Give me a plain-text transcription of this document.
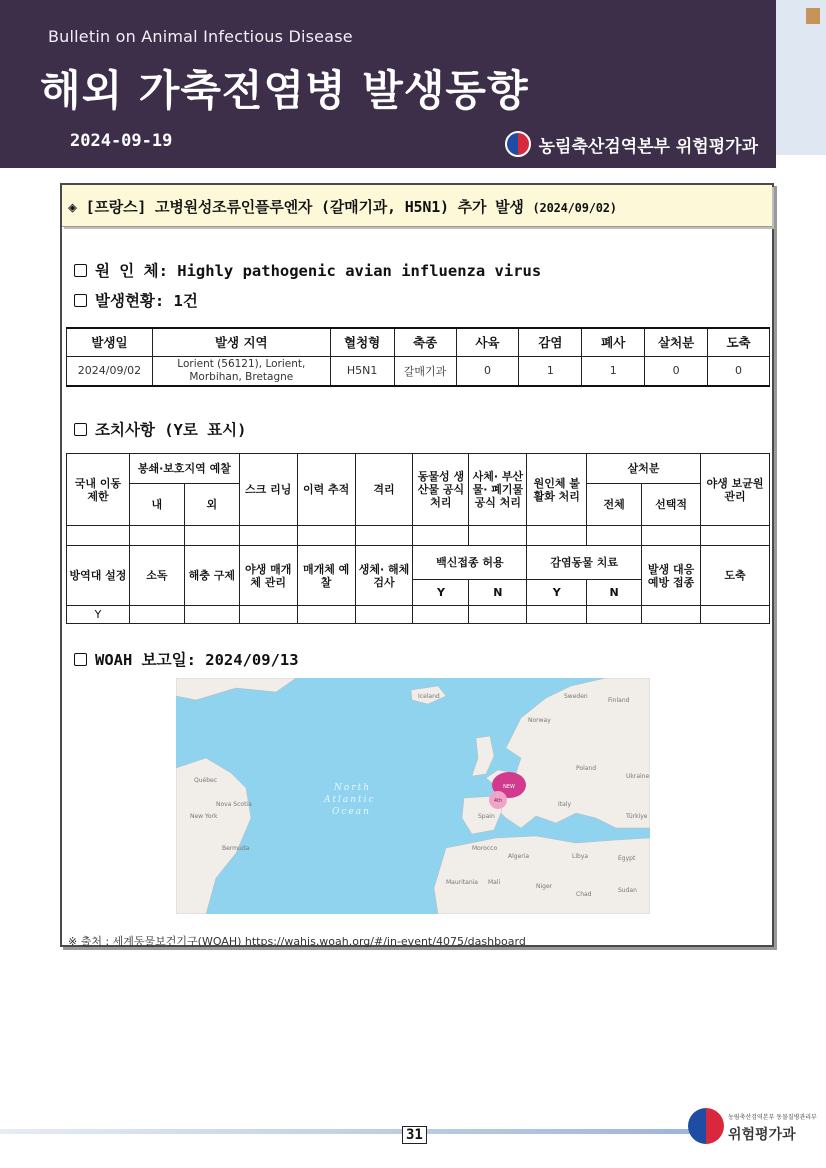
Bulletin on Animal Infectious Disease
해외 가축전염병 발생동향
2024-09-19	농림축산검역본부 위험평가과
◈ [프랑스] 고병원성조류인플루엔자 (갈매기과, H5N1) 추가 발생 (2024/09/02)
원 인 체: Highly pathogenic avian influenza virus
발생현황: 1건
발생일	발생 지역	혈청형	축종	사육	감염	폐사	살처분	도축
2024/09/02	Lorient (56121), Lorient, Morbihan, Bretagne	H5N1	갈매기과	0	1	1	0	0
조치사항 (Y로 표시)
국내 이동 제한	봉쇄·보호지역 예찰		스크 리닝	이력 추적	격리	동물성 생산물 공식 처리	사체· 부산물· 폐기물 공식 처리	원인체 불활화 처리	살처분		야생 보균원 관리
	내	외							전체	선택적	

방역대 설정	소독	해충 구제	야생 매개체 관리	매개체 예찰	생체· 해체 검사	백신접종 허용		감염동물 치료		발생 대응 예방 접종	도축
						Y	N	Y	N		
Y											
WOAH 보고일: 2024/09/13
NEW
4th
Iceland	Sweden
Finland
Norway
Poland
Ukraine
Spain
Italy
Türkiye
Morocco
Algeria	Libya	Egypt
Mauritania Mali
Niger
Chad
Sudan
Québec
Nova Scotia
New York
Bermuda
North
Atlantic
Ocean
※ 출처 : 세계동물보건기구(WOAH) https://wahis.woah.org/#/in-event/4075/dashboard
31
농림축산검역본부 동물질병관리부
위험평가과
